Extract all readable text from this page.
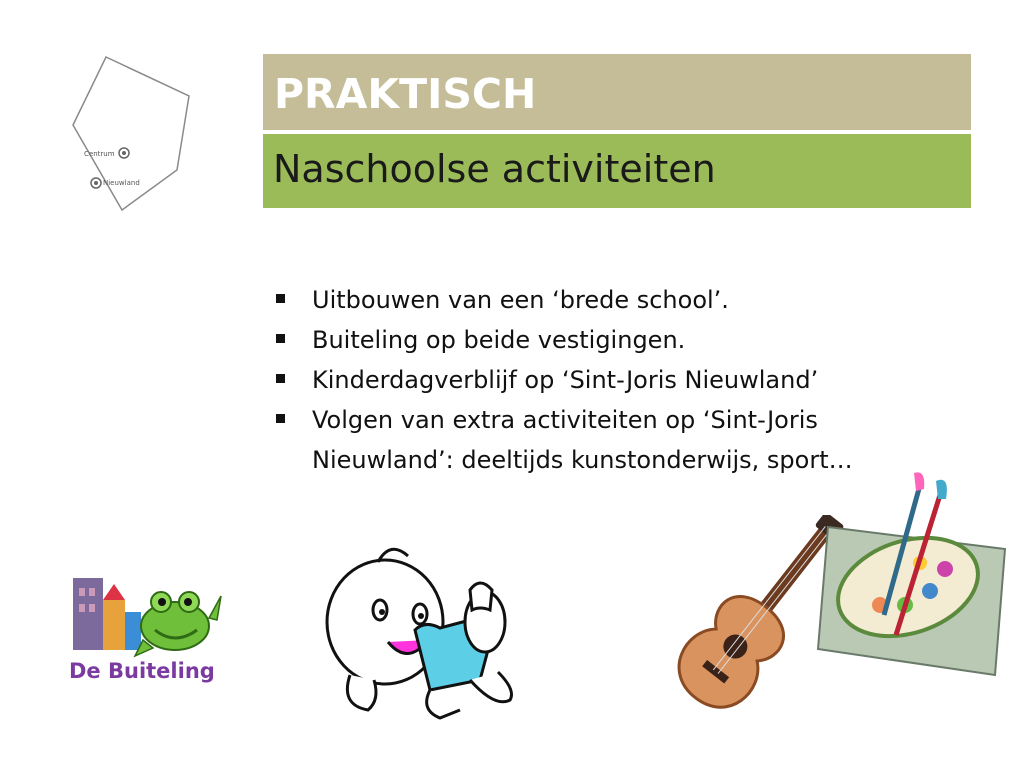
Centrum
Nieuwland
PRAKTISCH
Naschoolse activiteiten
Uitbouwen van een ‘brede school’.
Buiteling op beide vestigingen.
Kinderdagverblijf op ‘Sint-Joris Nieuwland’
Volgen van extra activiteiten op ‘Sint-Joris Nieuwland’: deeltijds kunstonderwijs, sport…
De Buiteling
